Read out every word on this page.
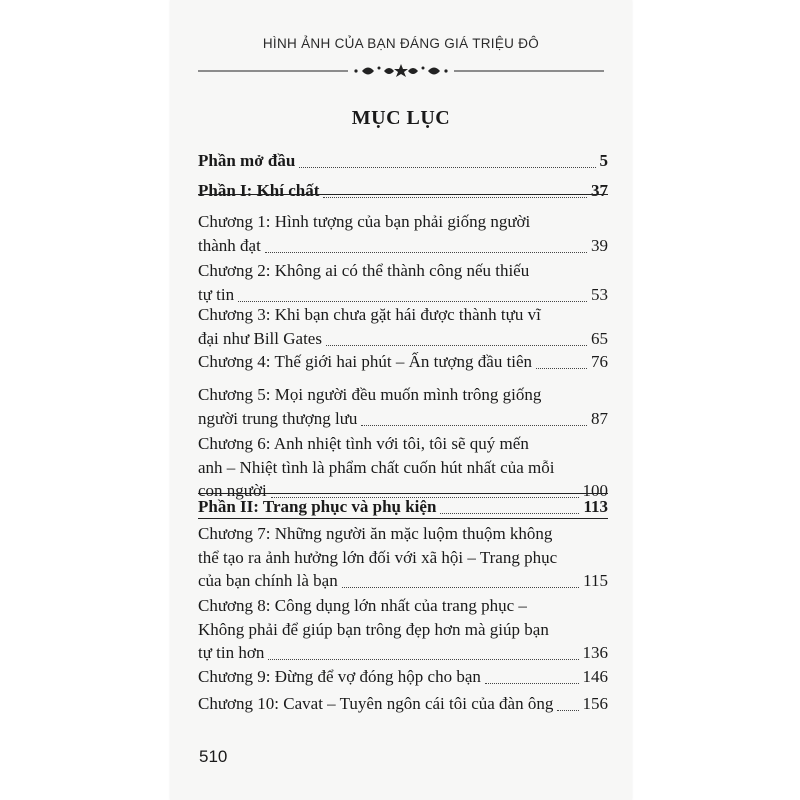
HÌNH ẢNH CỦA BẠN ĐÁNG GIÁ TRIỆU ĐÔ
MỤC LỤC
Phần mở đầu	5
Phần I: Khí chất	37
Chương 1: Hình tượng của bạn phải giống người
thành đạt	39
Chương 2: Không ai có thể thành công nếu thiếu
tự tin	53
Chương 3: Khi bạn chưa gặt hái được thành tựu vĩ
đại như Bill Gates	65
Chương 4: Thế giới hai phút – Ấn tượng đầu tiên	76
Chương 5: Mọi người đều muốn mình trông giống
người trung thượng lưu	87
Chương 6: Anh nhiệt tình với tôi, tôi sẽ quý mến
anh – Nhiệt tình là phẩm chất cuốn hút nhất của mỗi
con người	100
Phần II: Trang phục và phụ kiện	113
Chương 7: Những người ăn mặc luộm thuộm không
thể tạo ra ảnh hưởng lớn đối với xã hội – Trang phục
của bạn chính là bạn	115
Chương 8: Công dụng lớn nhất của trang phục –
Không phải để giúp bạn trông đẹp hơn mà giúp bạn
tự tin hơn	136
Chương 9: Đừng để vợ đóng hộp cho bạn	146
Chương 10: Cavat – Tuyên ngôn cái tôi của đàn ông 156
510
